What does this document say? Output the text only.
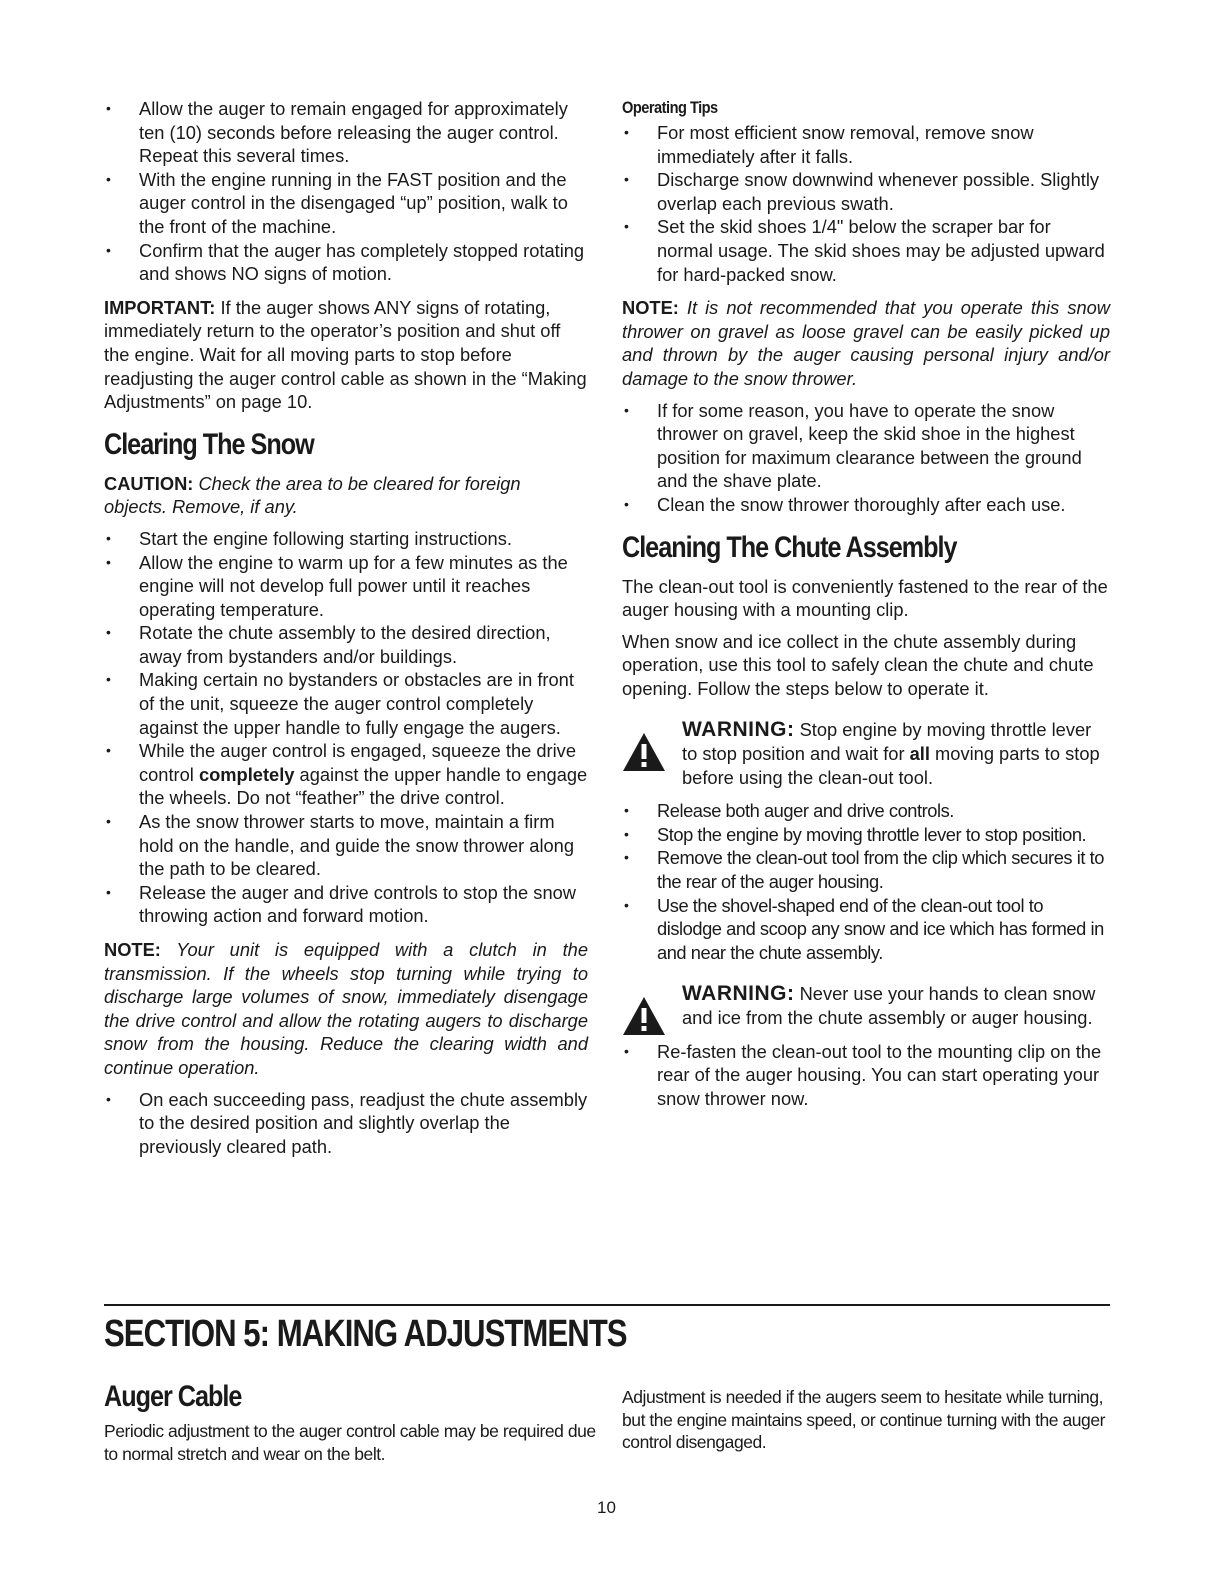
• Allow the auger to remain engaged for approximately ten (10) seconds before releasing the auger control. Repeat this several times.
• With the engine running in the FAST position and the auger control in the disengaged “up” position, walk to the front of the machine.
• Confirm that the auger has completely stopped rotating and shows NO signs of motion.

IMPORTANT: If the auger shows ANY signs of rotating, immediately return to the operator’s position and shut off the engine. Wait for all moving parts to stop before readjusting the auger control cable as shown in the “Making Adjustments” on page 10.

Clearing The Snow

CAUTION: Check the area to be cleared for foreign objects. Remove, if any.

• Start the engine following starting instructions.
• Allow the engine to warm up for a few minutes as the engine will not develop full power until it reaches operating temperature.
• Rotate the chute assembly to the desired direction, away from bystanders and/or buildings.
• Making certain no bystanders or obstacles are in front of the unit, squeeze the auger control completely against the upper handle to fully engage the augers.
• While the auger control is engaged, squeeze the drive control completely against the upper handle to engage the wheels. Do not “feather” the drive control.
• As the snow thrower starts to move, maintain a firm hold on the handle, and guide the snow thrower along the path to be cleared.
• Release the auger and drive controls to stop the snow throwing action and forward motion.

NOTE: Your unit is equipped with a clutch in the transmission. If the wheels stop turning while trying to discharge large volumes of snow, immediately disengage the drive control and allow the rotating augers to discharge snow from the housing. Reduce the clearing width and continue operation.

• On each succeeding pass, readjust the chute assembly to the desired position and slightly overlap the previously cleared path.
Operating Tips
• For most efficient snow removal, remove snow immediately after it falls.
• Discharge snow downwind whenever possible. Slightly overlap each previous swath.
• Set the skid shoes 1/4" below the scraper bar for normal usage. The skid shoes may be adjusted upward for hard-packed snow.

NOTE: It is not recommended that you operate this snow thrower on gravel as loose gravel can be easily picked up and thrown by the auger causing personal injury and/or damage to the snow thrower.

• If for some reason, you have to operate the snow thrower on gravel, keep the skid shoe in the highest position for maximum clearance between the ground and the shave plate.
• Clean the snow thrower thoroughly after each use.
Cleaning The Chute Assembly

The clean-out tool is conveniently fastened to the rear of the auger housing with a mounting clip.

When snow and ice collect in the chute assembly during operation, use this tool to safely clean the chute and chute opening. Follow the steps below to operate it.

WARNING: Stop engine by moving throttle lever to stop position and wait for all moving parts to stop before using the clean-out tool.
• Release both auger and drive controls.
• Stop the engine by moving throttle lever to stop position.
• Remove the clean-out tool from the clip which secures it to the rear of the auger housing.
• Use the shovel-shaped end of the clean-out tool to dislodge and scoop any snow and ice which has formed in and near the chute assembly.
WARNING: Never use your hands to clean snow and ice from the chute assembly or auger housing.
• Re-fasten the clean-out tool to the mounting clip on the rear of the auger housing. You can start operating your snow thrower now.
SECTION 5: MAKING ADJUSTMENTS
Auger Cable

Periodic adjustment to the auger control cable may be required due to normal stretch and wear on the belt.

Adjustment is needed if the augers seem to hesitate while turning, but the engine maintains speed, or continue turning with the auger control disengaged.

10
